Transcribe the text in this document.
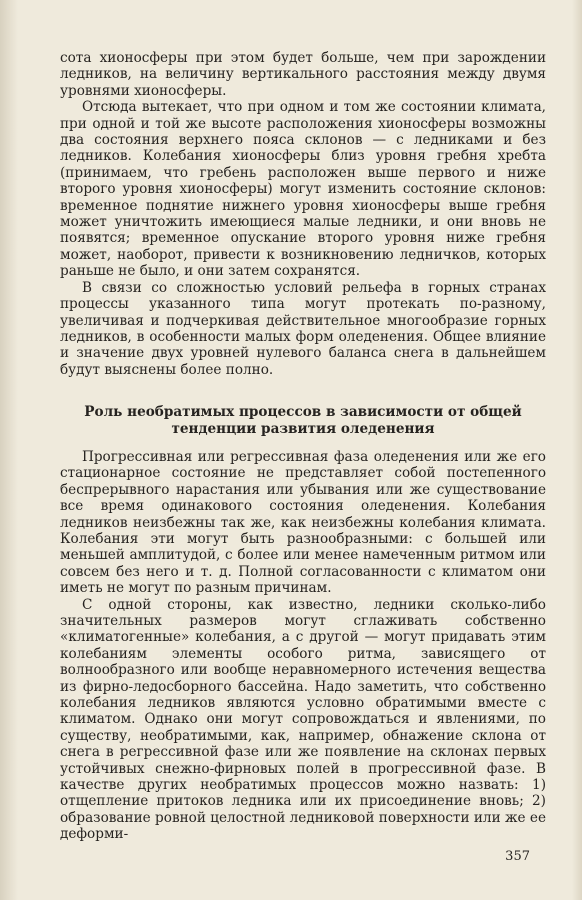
сота хионосферы при этом будет больше, чем при зарождении ледников, на величину вертикального расстояния между двумя уровнями хионосферы.

Отсюда вытекает, что при одном и том же состоянии климата, при одной и той же высоте расположения хионосферы возможны два состояния верхнего пояса склонов — с ледниками и без ледников. Колебания хионосферы близ уровня гребня хребта (принимаем, что гребень расположен выше первого и ниже второго уровня хионосферы) могут изменить состояние склонов: временное поднятие нижнего уровня хионосферы выше гребня может уничтожить имеющиеся малые ледники, и они вновь не появятся; временное опускание второго уровня ниже гребня может, наоборот, привести к возникновению ледничков, которых раньше не было, и они затем сохранятся.

В связи со сложностью условий рельефа в горных странах процессы указанного типа могут протекать по-разному, увеличивая и подчеркивая действительное многообразие горных ледников, в особенности малых форм оледенения. Общее влияние и значение двух уровней нулевого баланса снега в дальнейшем будут выяснены более полно.

Роль необратимых процессов в зависимости от общей тенденции развития оледенения

Прогрессивная или регрессивная фаза оледенения или же его стационарное состояние не представляет собой постепенного беспрерывного нарастания или убывания или же существование все время одинакового состояния оледенения. Колебания ледников неизбежны так же, как неизбежны колебания климата. Колебания эти могут быть разнообразными: с большей или меньшей амплитудой, с более или менее намеченным ритмом или совсем без него и т. д. Полной согласованности с климатом они иметь не могут по разным причинам.

С одной стороны, как известно, ледники сколько-либо значительных размеров могут сглаживать собственно «климатогенные» колебания, а с другой — могут придавать этим колебаниям элементы особого ритма, зависящего от волнообразного или вообще неравномерного истечения вещества из фирно-ледосборного бассейна. Надо заметить, что собственно колебания ледников являются условно обратимыми вместе с климатом. Однако они могут сопровождаться и явлениями, по существу, необратимыми, как, например, обнажение склона от снега в регрессивной фазе или же появление на склонах первых устойчивых снежно-фирновых полей в прогрессивной фазе. В качестве других необратимых процессов можно назвать: 1) отщепление притоков ледника или их присоединение вновь; 2) образование ровной целостной ледниковой поверхности или же ее деформи-

357
